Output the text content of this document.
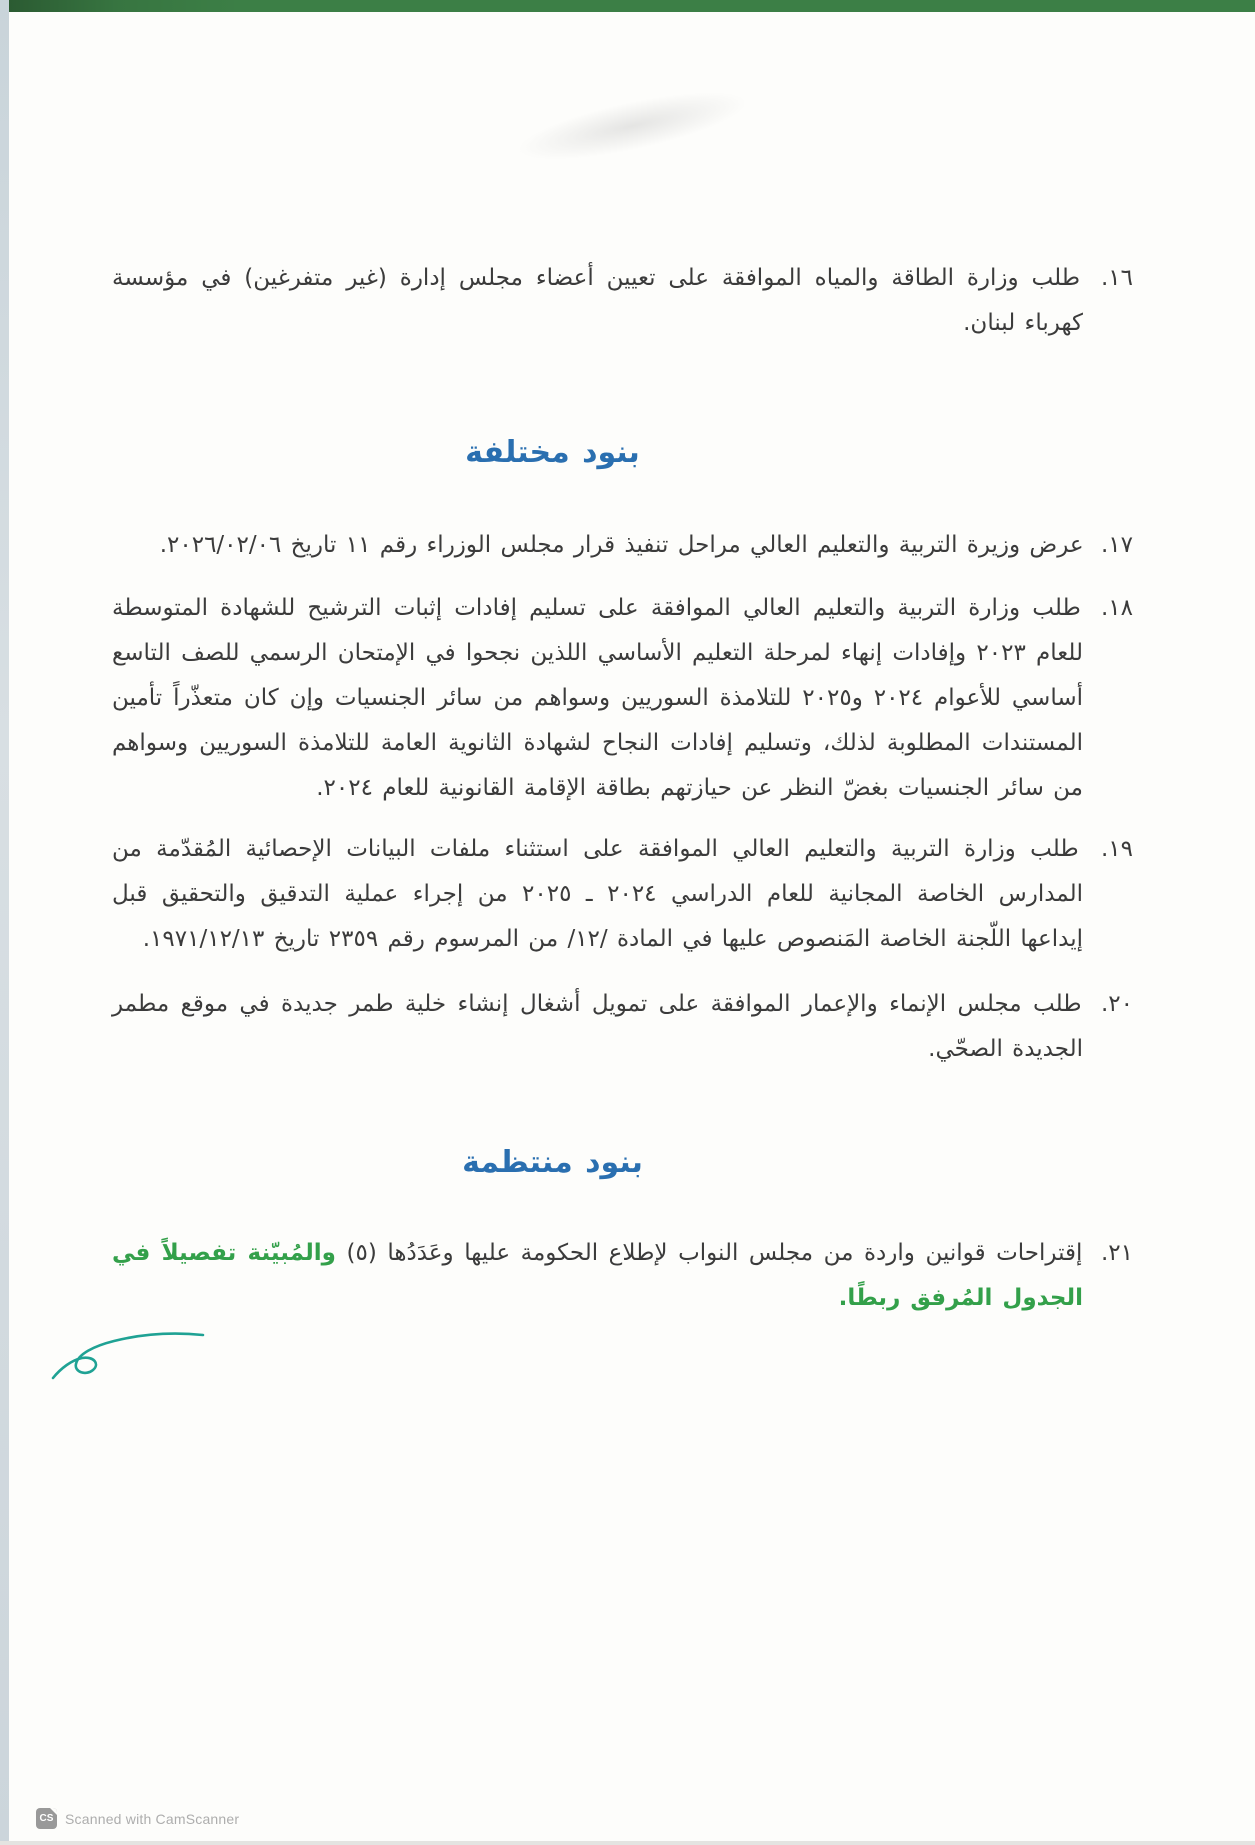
١٦. طلب وزارة الطاقة والمياه الموافقة على تعيين أعضاء مجلس إدارة (غير متفرغين) في مؤسسة كهرباء لبنان.

بنود مختلفة

١٧. عرض وزيرة التربية والتعليم العالي مراحل تنفيذ قرار مجلس الوزراء رقم ١١ تاريخ ٢٠٢٦/٠٢/٠٦.

١٨. طلب وزارة التربية والتعليم العالي الموافقة على تسليم إفادات إثبات الترشيح للشهادة المتوسطة للعام ٢٠٢٣ وإفادات إنهاء لمرحلة التعليم الأساسي اللذين نجحوا في الإمتحان الرسمي للصف التاسع أساسي للأعوام ٢٠٢٤ و٢٠٢٥ للتلامذة السوريين وسواهم من سائر الجنسيات وإن كان متعذّراً تأمين المستندات المطلوبة لذلك، وتسليم إفادات النجاح لشهادة الثانوية العامة للتلامذة السوريين وسواهم من سائر الجنسيات بغضّ النظر عن حيازتهم بطاقة الإقامة القانونية للعام ٢٠٢٤.

١٩. طلب وزارة التربية والتعليم العالي الموافقة على استثناء ملفات البيانات الإحصائية المُقدّمة من المدارس الخاصة المجانية للعام الدراسي ٢٠٢٤ ـ ٢٠٢٥ من إجراء عملية التدقيق والتحقيق قبل إيداعها اللّجنة الخاصة المَنصوص عليها في المادة /١٢/ من المرسوم رقم ٢٣٥٩ تاريخ ١٩٧١/١٢/١٣.

٢٠. طلب مجلس الإنماء والإعمار الموافقة على تمويل أشغال إنشاء خلية طمر جديدة في موقع مطمر الجديدة الصحّي.

بنود منتظمة

٢١. إقتراحات قوانين واردة من مجلس النواب لإطلاع الحكومة عليها وعَدَدُها (٥) والمُبيّنة تفصيلاً في الجدول المُرفق ربطًا.

CS Scanned with CamScanner
